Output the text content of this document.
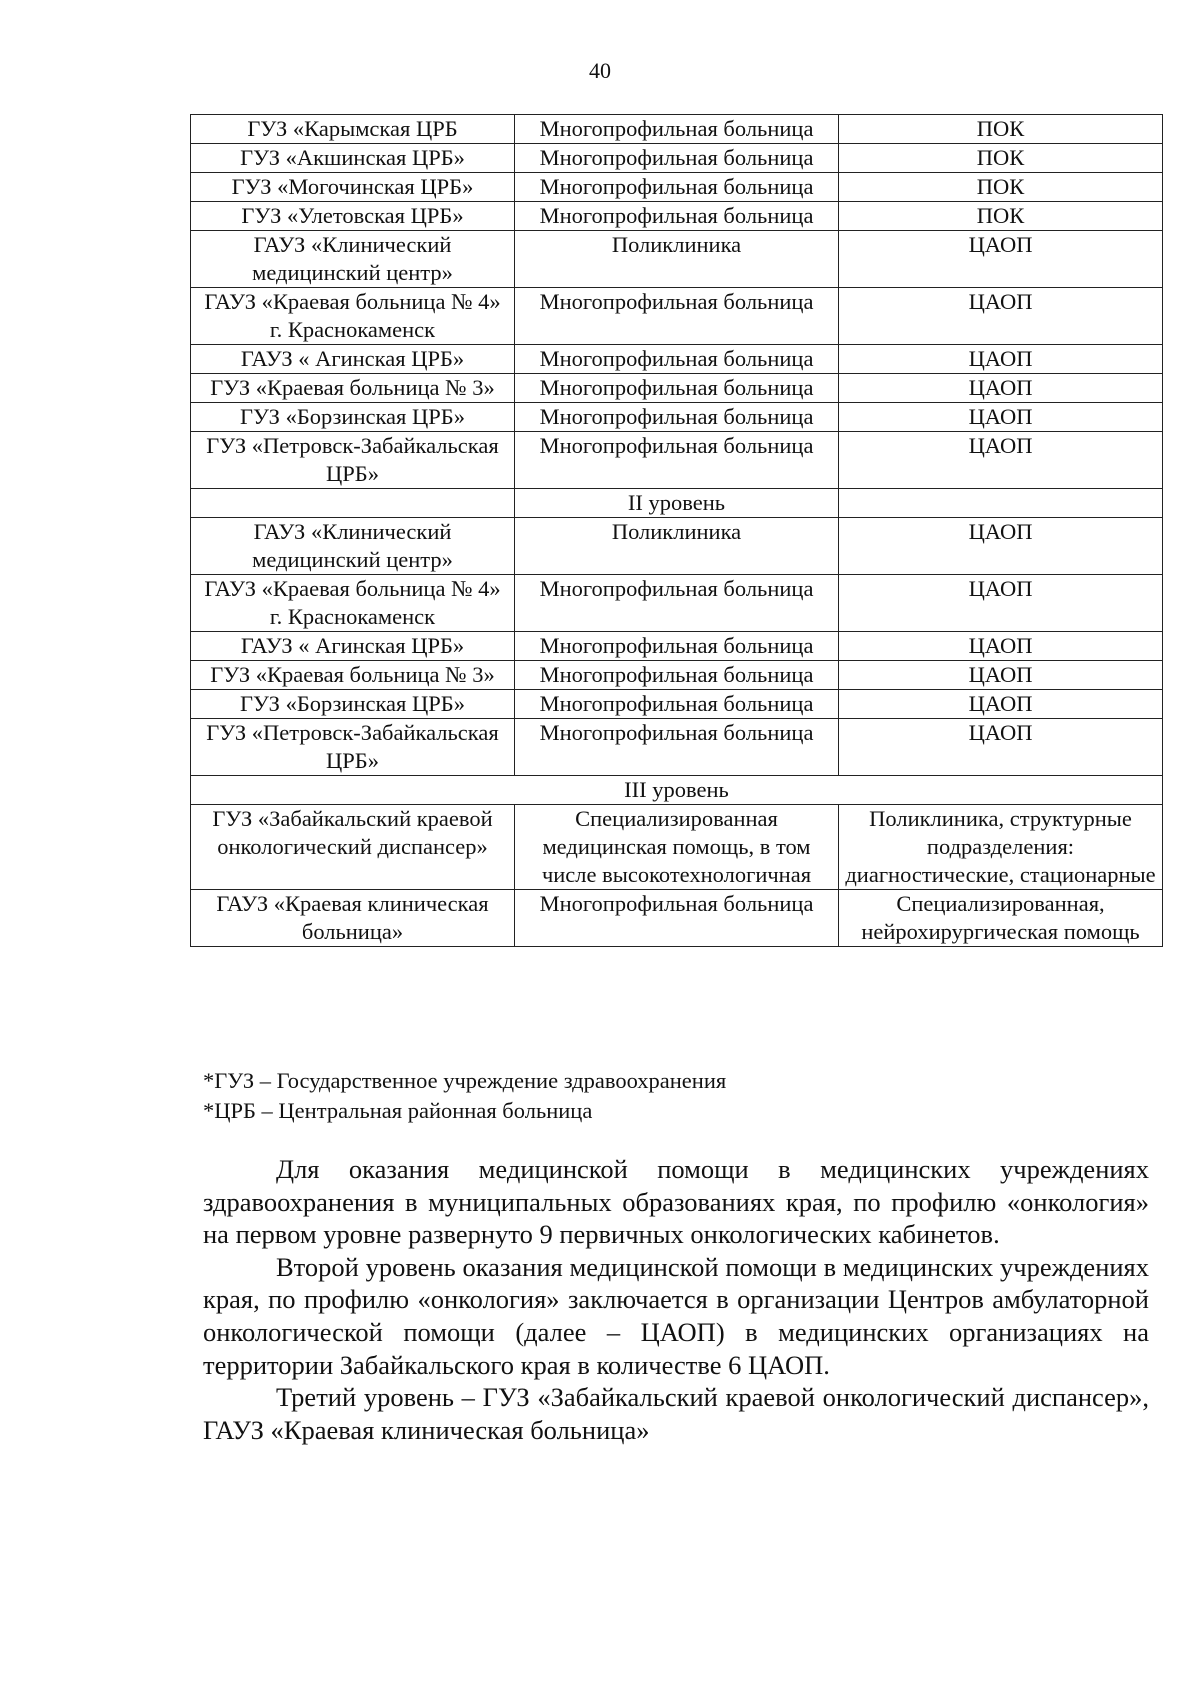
40
ГУЗ «Карымская ЦРБ	Многопрофильная больница	ПОК
ГУЗ «Акшинская ЦРБ»	Многопрофильная больница	ПОК
ГУЗ «Могочинская ЦРБ»	Многопрофильная больница	ПОК
ГУЗ «Улетовская ЦРБ»	Многопрофильная больница	ПОК
ГАУЗ «Клинический медицинский центр»	Поликлиника	ЦАОП
ГАУЗ «Краевая больница № 4» г. Краснокаменск	Многопрофильная больница	ЦАОП
ГАУЗ « Агинская ЦРБ»	Многопрофильная больница	ЦАОП
ГУЗ «Краевая больница № 3»	Многопрофильная больница	ЦАОП
ГУЗ «Борзинская ЦРБ»	Многопрофильная больница	ЦАОП
ГУЗ «Петровск-Забайкальская ЦРБ»	Многопрофильная больница	ЦАОП
	II уровень	
ГАУЗ «Клинический медицинский центр»	Поликлиника	ЦАОП
ГАУЗ «Краевая больница № 4» г. Краснокаменск	Многопрофильная больница	ЦАОП
ГАУЗ « Агинская ЦРБ»	Многопрофильная больница	ЦАОП
ГУЗ «Краевая больница № 3»	Многопрофильная больница	ЦАОП
ГУЗ «Борзинская ЦРБ»	Многопрофильная больница	ЦАОП
ГУЗ «Петровск-Забайкальская ЦРБ»	Многопрофильная больница	ЦАОП
III уровень		
ГУЗ «Забайкальский краевой онкологический диспансер»	Специализированная медицинская помощь, в том числе высокотехнологичная	Поликлиника, структурные подразделения: диагностические, стационарные
ГАУЗ «Краевая клиническая больница»	Многопрофильная больница	Специализированная, нейрохирургическая помощь
*ГУЗ – Государственное учреждение здравоохранения
*ЦРБ – Центральная районная больница

Для оказания медицинской помощи в медицинских учреждениях здравоохранения в муниципальных образованиях края, по профилю «онкология» на первом уровне развернуто 9 первичных онкологических кабинетов.

Второй уровень оказания медицинской помощи в медицинских учреждениях края, по профилю «онкология» заключается в организации Центров амбулаторной онкологической помощи (далее – ЦАОП) в медицинских организациях на территории Забайкальского края в количестве 6 ЦАОП.

Третий уровень – ГУЗ «Забайкальский краевой онкологический диспансер», ГАУЗ «Краевая клиническая больница»
